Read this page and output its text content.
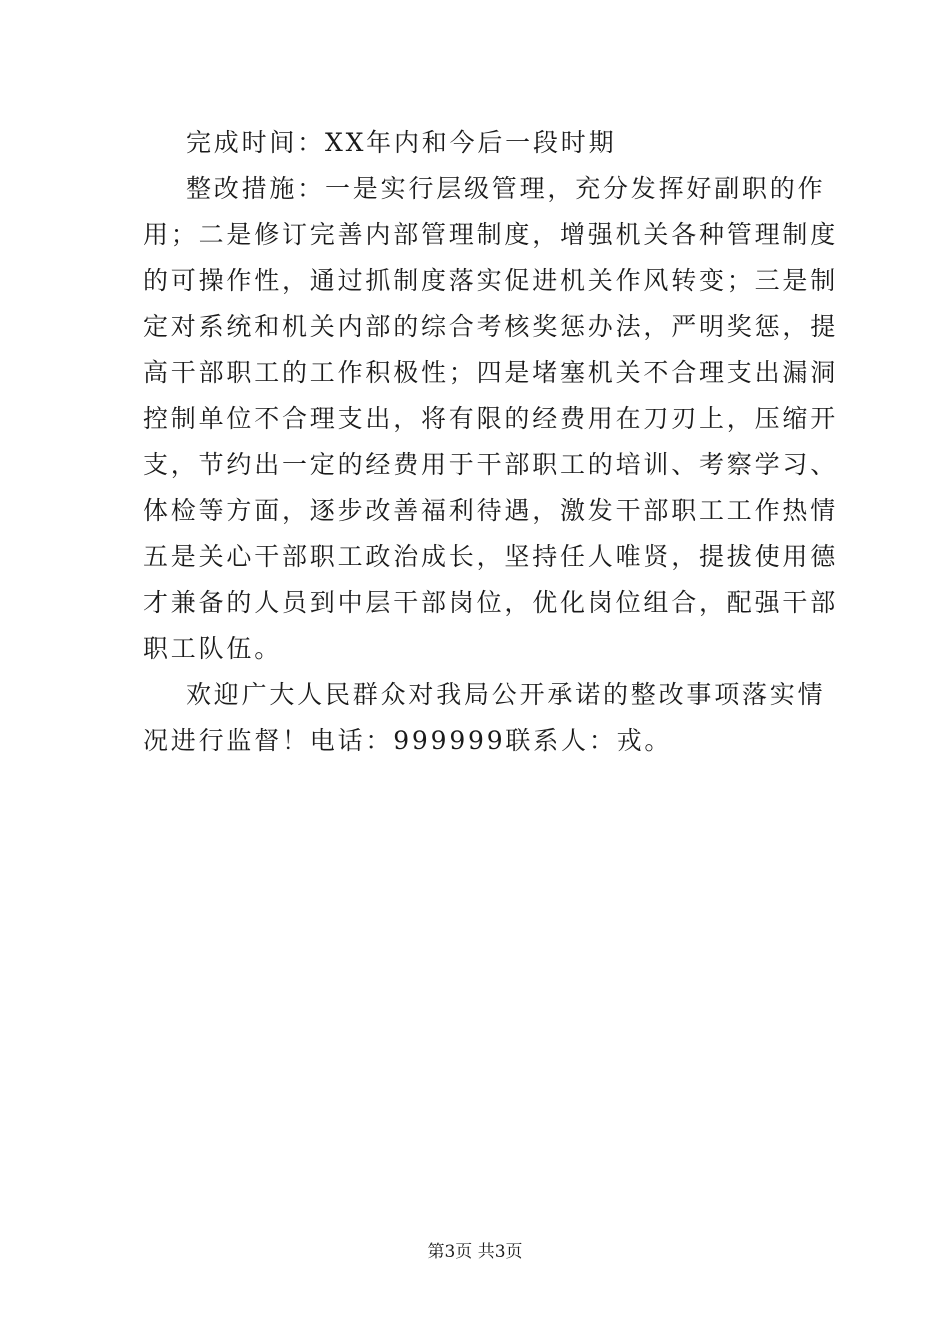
完成时间：XX年内和今后一段时期
整改措施：一是实行层级管理，充分发挥好副职的作
用；二是修订完善内部管理制度，增强机关各种管理制度
的可操作性，通过抓制度落实促进机关作风转变；三是制
定对系统和机关内部的综合考核奖惩办法，严明奖惩，提
高干部职工的工作积极性；四是堵塞机关不合理支出漏洞
控制单位不合理支出，将有限的经费用在刀刃上，压缩开
支，节约出一定的经费用于干部职工的培训、考察学习、
体检等方面，逐步改善福利待遇，激发干部职工工作热情
五是关心干部职工政治成长，坚持任人唯贤，提拔使用德
才兼备的人员到中层干部岗位，优化岗位组合，配强干部
职工队伍。
欢迎广大人民群众对我局公开承诺的整改事项落实情
况进行监督！电话：999999联系人：戎。
第3页 共3页
